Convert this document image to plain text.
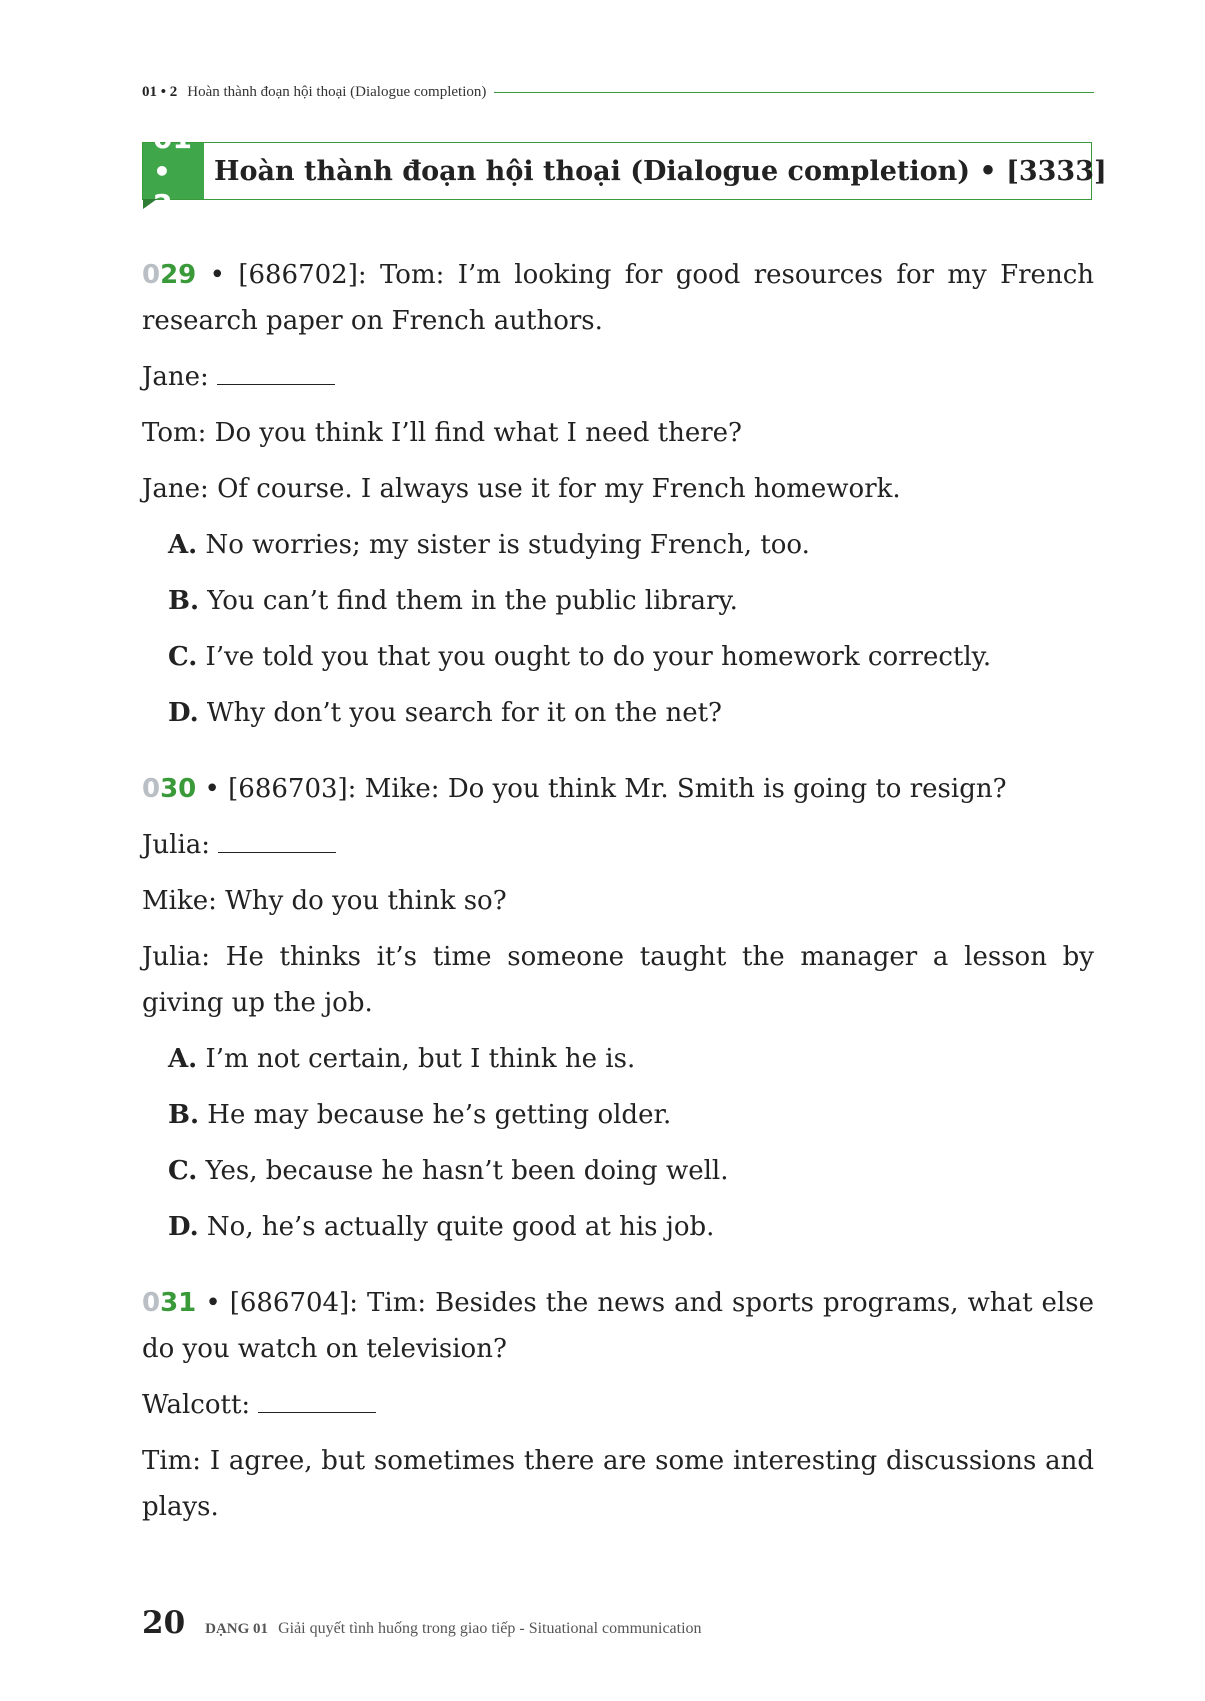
01 • 2 Hoàn thành đoạn hội thoại (Dialogue completion)
01 • 2
Hoàn thành đoạn hội thoại (Dialogue completion) • [3333]
029 • [686702]: Tom: I’m looking for good resources for my French research paper on French authors.
Jane:
Tom: Do you think I’ll find what I need there?
Jane: Of course. I always use it for my French homework.
A. No worries; my sister is studying French, too.
B. You can’t find them in the public library.
C. I’ve told you that you ought to do your homework correctly.
D. Why don’t you search for it on the net?
030 • [686703]: Mike: Do you think Mr. Smith is going to resign?
Julia:
Mike: Why do you think so?
Julia: He thinks it’s time someone taught the manager a lesson by giving up the job.
A. I’m not certain, but I think he is.
B. He may because he’s getting older.
C. Yes, because he hasn’t been doing well.
D. No, he’s actually quite good at his job.
031 • [686704]: Tim: Besides the news and sports programs, what else do you watch on television?
Walcott:
Tim: I agree, but sometimes there are some interesting discussions and plays.
20 DẠNG 01 Giải quyết tình huống trong giao tiếp - Situational communication
